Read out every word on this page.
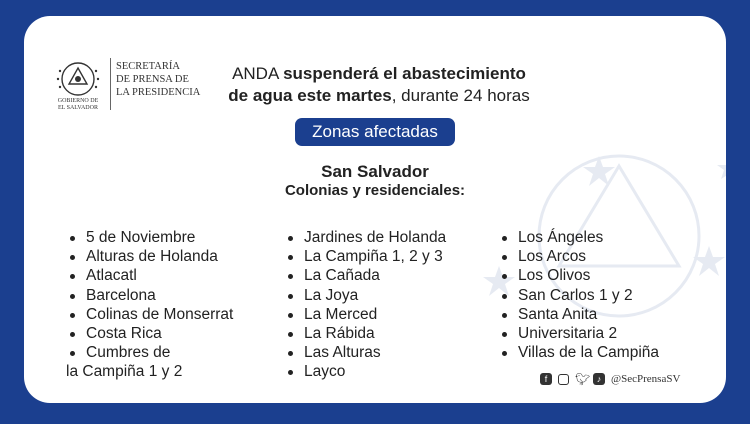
GOBIERNO DE
EL SALVADOR
SECRETARÍA
DE PRENSA DE
LA PRESIDENCIA
ANDA suspenderá el abastecimiento
de agua este martes, durante 24 horas
Zonas afectadas
San Salvador
Colonias y residenciales:
5 de Noviembre
Alturas de Holanda
Atlacatl
Barcelona
Colinas de Monserrat
Costa Rica
Cumbres de
la Campiña 1 y 2
Jardines de Holanda
La Campiña 1, 2 y 3
La Cañada
La Joya
La Merced
La Rábida
Las Alturas
Layco
Los Ángeles
Los Arcos
Los Olivos
San Carlos 1 y 2
Santa Anita
Universitaria 2
Villas de la Campiña
f	🐦︎ ♪ @SecPrensaSV
